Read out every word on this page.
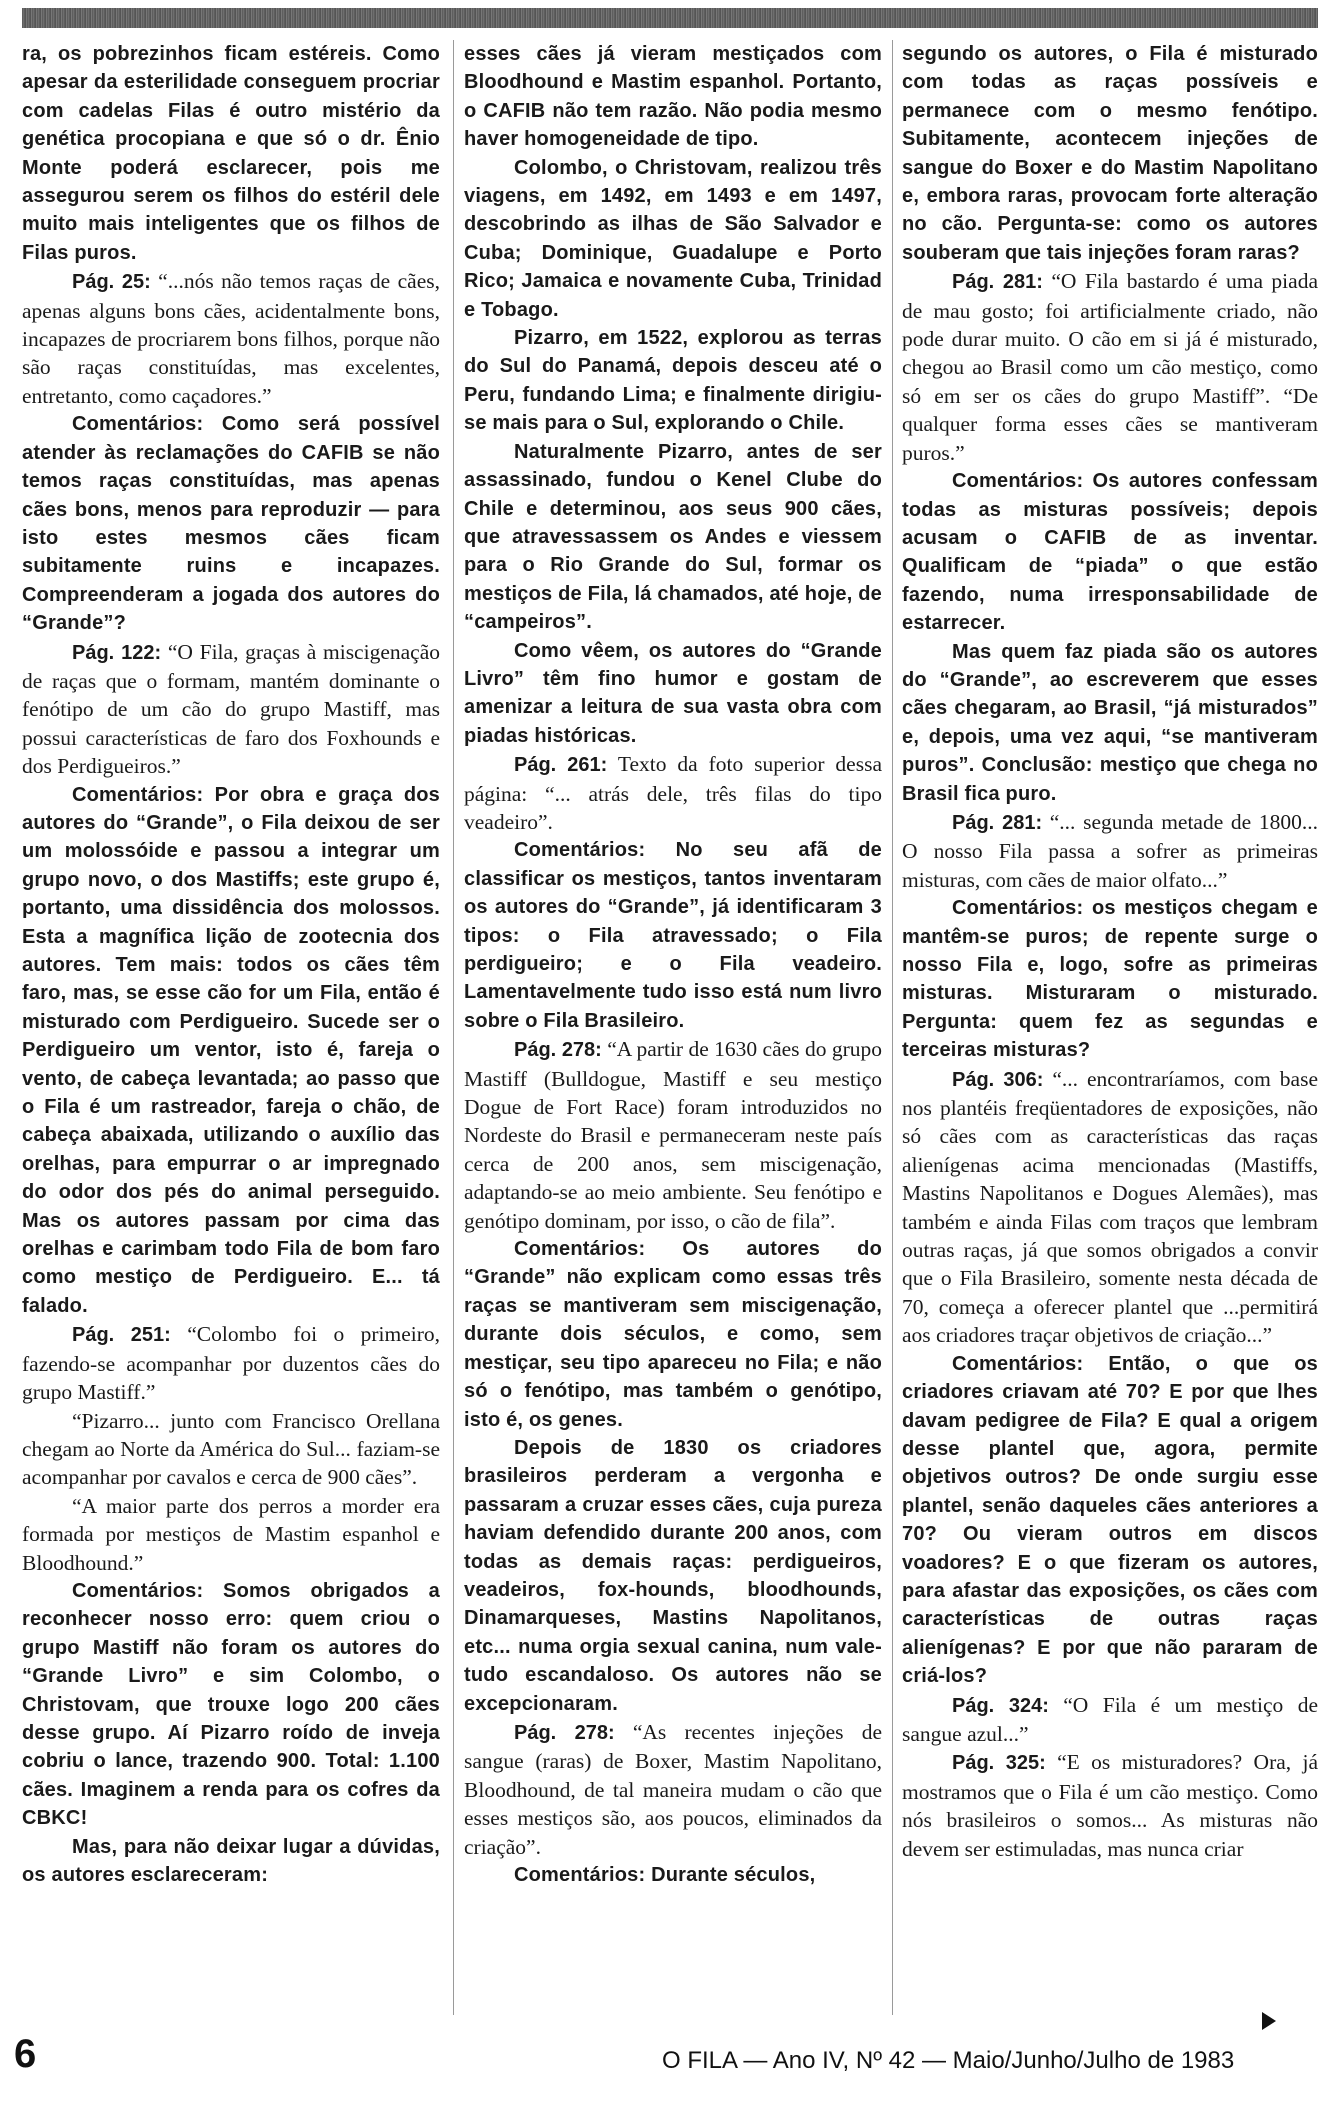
ra, os pobrezinhos ficam estéreis. Como apesar da esterilidade conseguem procriar com cadelas Filas é outro mistério da genética procopiana e que só o dr. Ênio Monte poderá esclarecer, pois me assegurou serem os filhos do estéril dele muito mais inteligentes que os filhos de Filas puros.

Pág. 25: “...nós não temos raças de cães, apenas alguns bons cães, acidentalmente bons, incapazes de procriarem bons filhos, porque não são raças constituídas, mas excelentes, entretanto, como caçadores.”

Comentários: Como será possível atender às reclamações do CAFIB se não temos raças constituídas, mas apenas cães bons, menos para reproduzir — para isto estes mesmos cães ficam subitamente ruins e incapazes. Compreenderam a jogada dos autores do “Grande”?

Pág. 122: “O Fila, graças à miscigenação de raças que o formam, mantém dominante o fenótipo de um cão do grupo Mastiff, mas possui características de faro dos Foxhounds e dos Perdigueiros.”

Comentários: Por obra e graça dos autores do “Grande”, o Fila deixou de ser um molossóide e passou a integrar um grupo novo, o dos Mastiffs; este grupo é, portanto, uma dissidência dos molossos. Esta a magnífica lição de zootecnia dos autores. Tem mais: todos os cães têm faro, mas, se esse cão for um Fila, então é misturado com Perdigueiro. Sucede ser o Perdigueiro um ventor, isto é, fareja o vento, de cabeça levantada; ao passo que o Fila é um rastreador, fareja o chão, de cabeça abaixada, utilizando o auxílio das orelhas, para empurrar o ar impregnado do odor dos pés do animal perseguido. Mas os autores passam por cima das orelhas e carimbam todo Fila de bom faro como mestiço de Perdigueiro. E... tá falado.

Pág. 251: “Colombo foi o primeiro, fazendo-se acompanhar por duzentos cães do grupo Mastiff.”

“Pizarro... junto com Francisco Orellana chegam ao Norte da América do Sul... faziam-se acompanhar por cavalos e cerca de 900 cães”.

“A maior parte dos perros a morder era formada por mestiços de Mastim espanhol e Bloodhound.”

Comentários: Somos obrigados a reconhecer nosso erro: quem criou o grupo Mastiff não foram os autores do “Grande Livro” e sim Colombo, o Christovam, que trouxe logo 200 cães desse grupo. Aí Pizarro roído de inveja cobriu o lance, trazendo 900. Total: 1.100 cães. Imaginem a renda para os cofres da CBKC!

Mas, para não deixar lugar a dúvidas, os autores esclareceram:

esses cães já vieram mestiçados com Bloodhound e Mastim espanhol. Portanto, o CAFIB não tem razão. Não podia mesmo haver homogeneidade de tipo.

Colombo, o Christovam, realizou três viagens, em 1492, em 1493 e em 1497, descobrindo as ilhas de São Salvador e Cuba; Dominique, Guadalupe e Porto Rico; Jamaica e novamente Cuba, Trinidad e Tobago.

Pizarro, em 1522, explorou as terras do Sul do Panamá, depois desceu até o Peru, fundando Lima; e finalmente dirigiu-se mais para o Sul, explorando o Chile.

Naturalmente Pizarro, antes de ser assassinado, fundou o Kenel Clube do Chile e determinou, aos seus 900 cães, que atravessassem os Andes e viessem para o Rio Grande do Sul, formar os mestiços de Fila, lá chamados, até hoje, de “campeiros”.

Como vêem, os autores do “Grande Livro” têm fino humor e gostam de amenizar a leitura de sua vasta obra com piadas históricas.

Pág. 261: Texto da foto superior dessa página: “... atrás dele, três filas do tipo veadeiro”.

Comentários: No seu afã de classificar os mestiços, tantos inventaram os autores do “Grande”, já identificaram 3 tipos: o Fila atravessado; o Fila perdigueiro; e o Fila veadeiro. Lamentavelmente tudo isso está num livro sobre o Fila Brasileiro.

Pág. 278: “A partir de 1630 cães do grupo Mastiff (Bulldogue, Mastiff e seu mestiço Dogue de Fort Race) foram introduzidos no Nordeste do Brasil e permaneceram neste país cerca de 200 anos, sem miscigenação, adaptando-se ao meio ambiente. Seu fenótipo e genótipo dominam, por isso, o cão de fila”.

Comentários: Os autores do “Grande” não explicam como essas três raças se mantiveram sem miscigenação, durante dois séculos, e como, sem mestiçar, seu tipo apareceu no Fila; e não só o fenótipo, mas também o genótipo, isto é, os genes.

Depois de 1830 os criadores brasileiros perderam a vergonha e passaram a cruzar esses cães, cuja pureza haviam defendido durante 200 anos, com todas as demais raças: perdigueiros, veadeiros, fox-hounds, bloodhounds, Dinamarqueses, Mastins Napolitanos, etc... numa orgia sexual canina, num vale-tudo escandaloso. Os autores não se excepcionaram.

Pág. 278: “As recentes injeções de sangue (raras) de Boxer, Mastim Napolitano, Bloodhound, de tal maneira mudam o cão que esses mestiços são, aos poucos, eliminados da criação”.

Comentários: Durante séculos,

segundo os autores, o Fila é misturado com todas as raças possíveis e permanece com o mesmo fenótipo. Subitamente, acontecem injeções de sangue do Boxer e do Mastim Napolitano e, embora raras, provocam forte alteração no cão. Pergunta-se: como os autores souberam que tais injeções foram raras?

Pág. 281: “O Fila bastardo é uma piada de mau gosto; foi artificialmente criado, não pode durar muito. O cão em si já é misturado, chegou ao Brasil como um cão mestiço, como só em ser os cães do grupo Mastiff”. “De qualquer forma esses cães se mantiveram puros.”

Comentários: Os autores confessam todas as misturas possíveis; depois acusam o CAFIB de as inventar. Qualificam de “piada” o que estão fazendo, numa irresponsabilidade de estarrecer.

Mas quem faz piada são os autores do “Grande”, ao escreverem que esses cães chegaram, ao Brasil, “já misturados” e, depois, uma vez aqui, “se mantiveram puros”. Conclusão: mestiço que chega no Brasil fica puro.

Pág. 281: “... segunda metade de 1800... O nosso Fila passa a sofrer as primeiras misturas, com cães de maior olfato...”

Comentários: os mestiços chegam e mantêm-se puros; de repente surge o nosso Fila e, logo, sofre as primeiras misturas. Misturaram o misturado. Pergunta: quem fez as segundas e terceiras misturas?

Pág. 306: “... encontraríamos, com base nos plantéis freqüentadores de exposições, não só cães com as características das raças alienígenas acima mencionadas (Mastiffs, Mastins Napolitanos e Dogues Alemães), mas também e ainda Filas com traços que lembram outras raças, já que somos obrigados a convir que o Fila Brasileiro, somente nesta década de 70, começa a oferecer plantel que ...permitirá aos criadores traçar objetivos de criação...”

Comentários: Então, o que os criadores criavam até 70? E por que lhes davam pedigree de Fila? E qual a origem desse plantel que, agora, permite objetivos outros? De onde surgiu esse plantel, senão daqueles cães anteriores a 70? Ou vieram outros em discos voadores? E o que fizeram os autores, para afastar das exposições, os cães com características de outras raças alienígenas? E por que não pararam de criá-los?

Pág. 324: “O Fila é um mestiço de sangue azul...”

Pág. 325: “E os misturadores? Ora, já mostramos que o Fila é um cão mestiço. Como nós brasileiros o somos... As misturas não devem ser estimuladas, mas nunca criar

6	O FILA — Ano IV, Nº 42 — Maio/Junho/Julho de 1983
